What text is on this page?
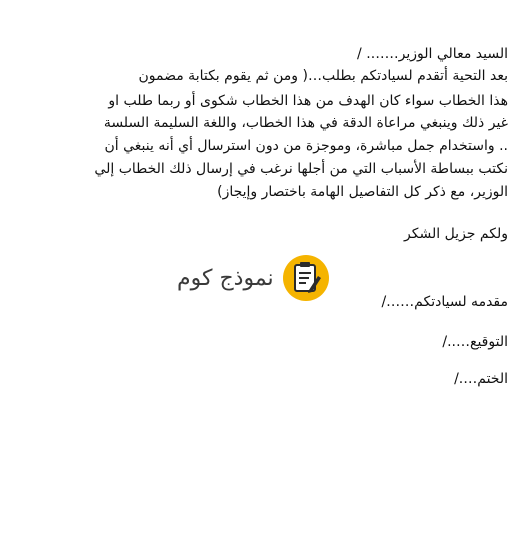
السيد معالي الوزير……. /
بعد التحية أتقدم لسيادتكم بطلب…( ومن ثم يقوم بكتابة مضمون
هذا الخطاب سواء كان الهدف من هذا الخطاب شكوى أو ربما طلب او
غير ذلك وينبغي مراعاة الدقة في هذا الخطاب، واللغة السليمة السلسة
.. واستخدام جمل مباشرة، وموجزة من دون استرسال أي أنه ينبغي أن
نكتب ببساطة الأسباب التي من أجلها نرغب في إرسال ذلك الخطاب إلي
الوزير، مع ذكر كل التفاصيل الهامة باختصار وإيجاز)
ولكم جزيل الشكر
نموذج كوم
مقدمه لسيادتكم……/
التوقيع…../
الختم…./
